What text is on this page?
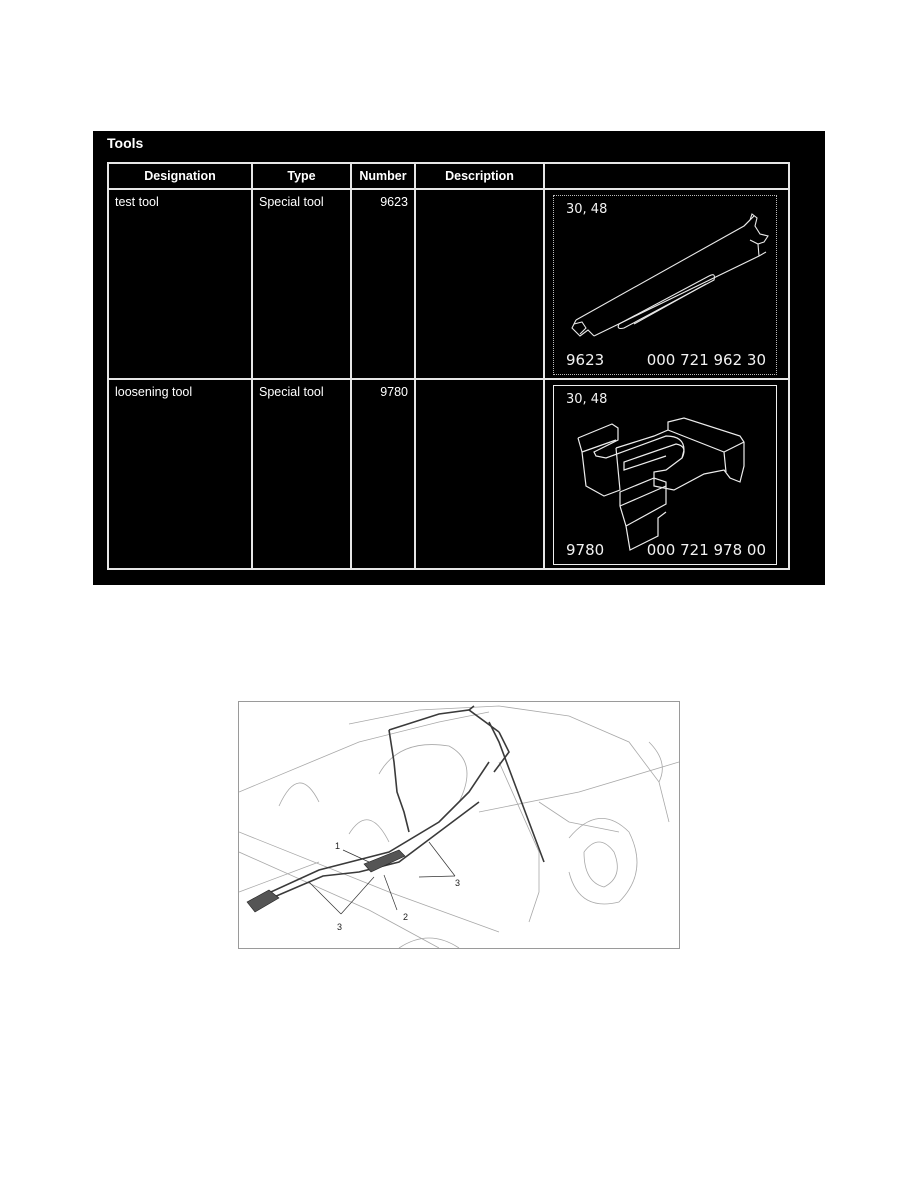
Tools
Designation	Type	Number	Description	

test tool	Special tool	9623		30, 48
9623 000 721 962 30

loosening tool	Special tool	9780		30, 48
9780 000 721 978 00
1
2
3
3
